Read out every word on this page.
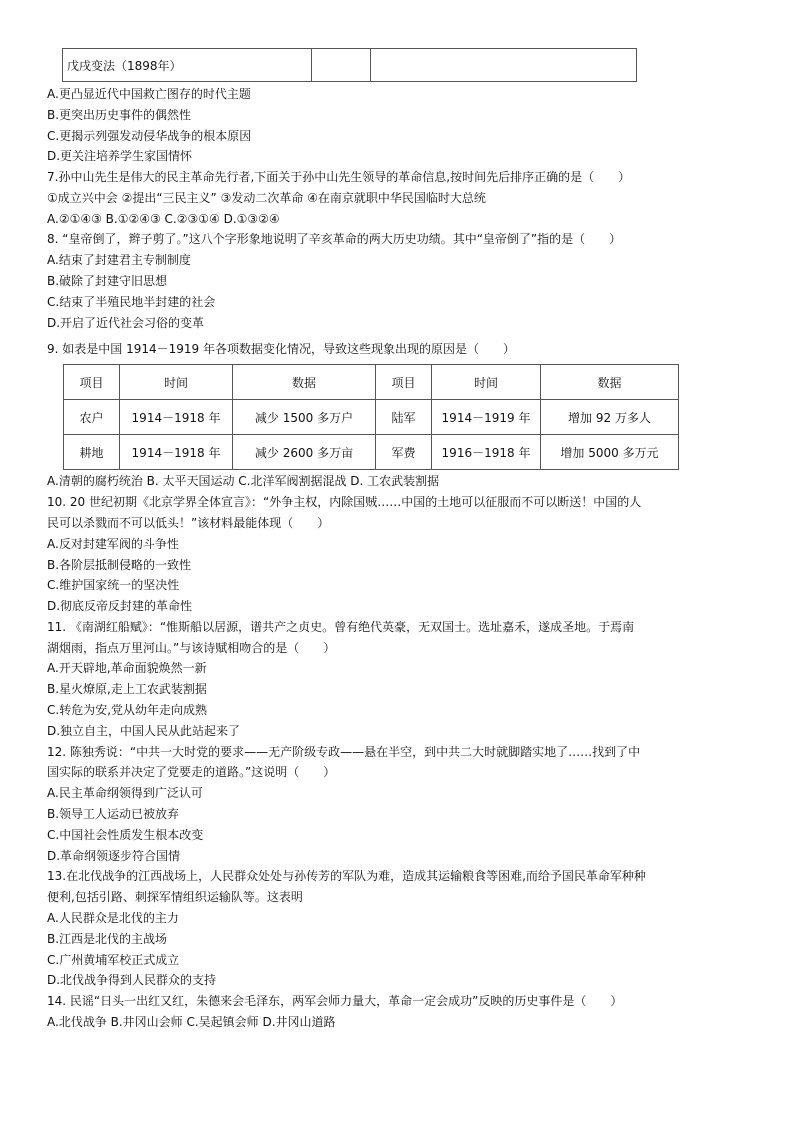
戊戌变法（1898年）		
A.更凸显近代中国救亡图存的时代主题
B.更突出历史事件的偶然性
C.更揭示列强发动侵华战争的根本原因
D.更关注培养学生家国情怀
7.孙中山先生是伟大的民主革命先行者,下面关于孙中山先生领导的革命信息,按时间先后排序正确的是（　　）
①成立兴中会 ②提出“三民主义” ③发动二次革命 ④在南京就职中华民国临时大总统
A.②①④③ B.①②④③ C.②③①④ D.①③②④
8. “皇帝倒了，辫子剪了。”这八个字形象地说明了辛亥革命的两大历史功绩。其中“皇帝倒了”指的是（　　）
A.结束了封建君主专制制度
B.破除了封建守旧思想
C.结束了半殖民地半封建的社会
D.开启了近代社会习俗的变革
9. 如表是中国 1914－1919 年各项数据变化情况，导致这些现象出现的原因是（　　）
项目	时间	数据	项目	时间	数据
农户	1914－1918 年	减少 1500 多万户	陆军	1914－1919 年	增加 92 万多人
耕地	1914－1918 年	减少 2600 多万亩	军费	1916－1918 年	增加 5000 多万元
A.清朝的腐朽统治 B. 太平天国运动 C.北洋军阀割据混战 D. 工农武装割据
10. 20 世纪初期《北京学界全体宣言》：“外争主权，内除国贼……中国的土地可以征服而不可以断送！中国的人
民可以杀戮而不可以低头！”该材料最能体现（　　）
A.反对封建军阀的斗争性
B.各阶层抵制侵略的一致性
C.维护国家统一的坚决性
D.彻底反帝反封建的革命性
11. 《南湖红船赋》：“惟斯船以居源，谱共产之贞史。曾有绝代英豪，无双国士。选址嘉禾，遂成圣地。于焉南
湖烟雨，指点万里河山。”与该诗赋相吻合的是（　　）
A.开天辟地,革命面貌焕然一新
B.星火燎原,走上工农武装割据
C.转危为安,党从幼年走向成熟
D.独立自主，中国人民从此站起来了
12. 陈独秀说：“中共一大时党的要求——无产阶级专政——悬在半空，到中共二大时就脚踏实地了……找到了中
国实际的联系并决定了党要走的道路。”这说明（　　）
A.民主革命纲领得到广泛认可
B.领导工人运动已被放弃
C.中国社会性质发生根本改变
D.革命纲领逐步符合国情
13.在北伐战争的江西战场上，人民群众处处与孙传芳的军队为难，造成其运输粮食等困难,而给予国民革命军种种
便利,包括引路、刺探军情组织运输队等。这表明
A.人民群众是北伐的主力
B.江西是北伐的主战场
C.广州黄埔军校正式成立
D.北伐战争得到人民群众的支持
14. 民谣“日头一出红又红，朱德来会毛泽东，两军会师力量大，革命一定会成功”反映的历史事件是（　　）
A.北伐战争 B.井冈山会师 C.吴起镇会师 D.井冈山道路
